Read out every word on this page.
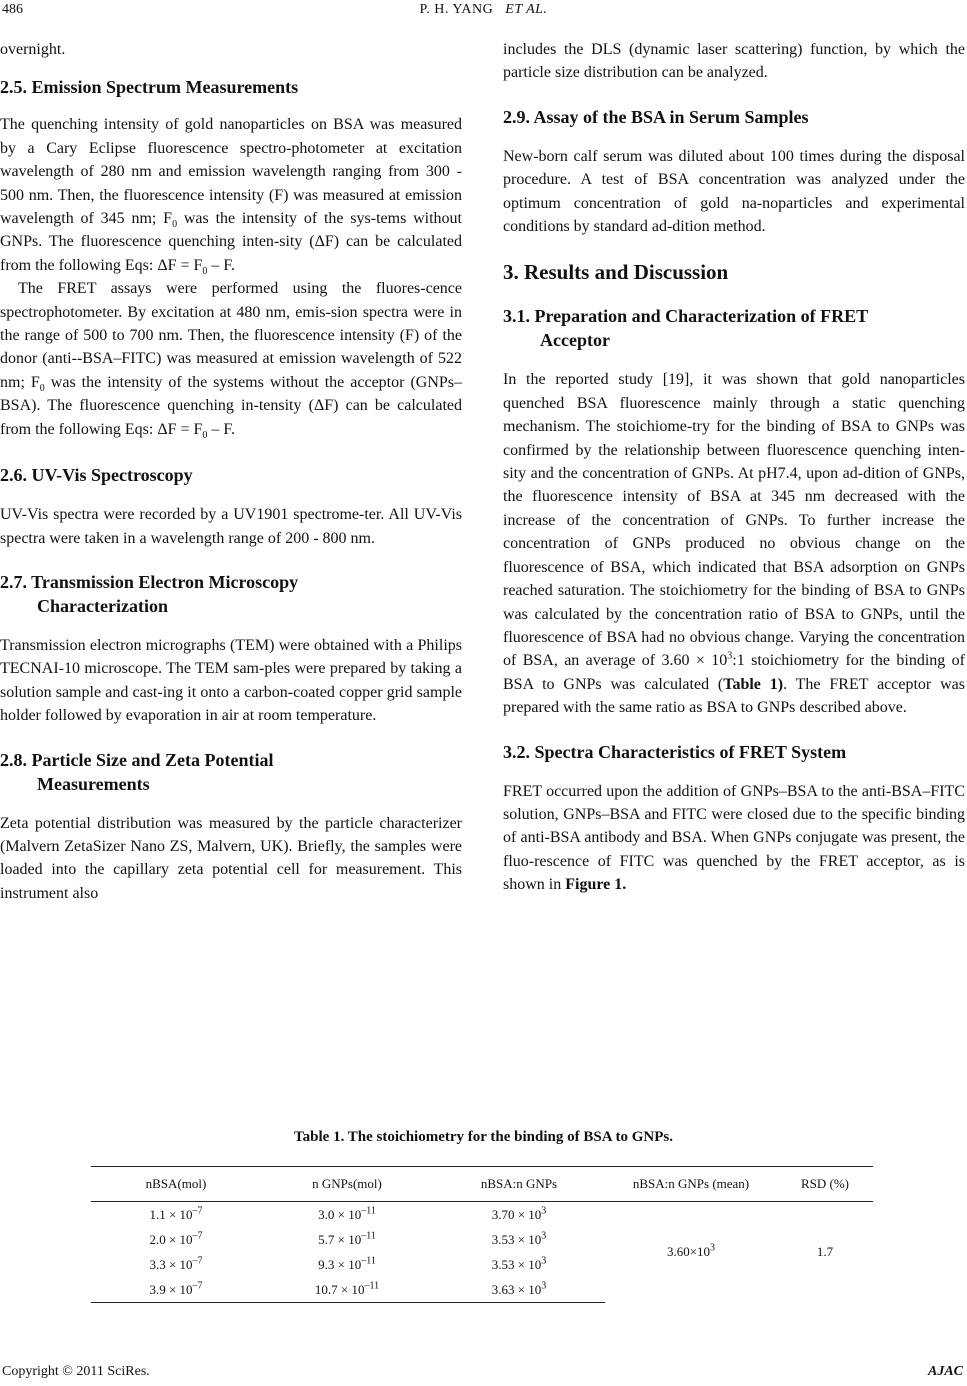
486	P. H. YANG ET AL.

overnight.

2.5. Emission Spectrum Measurements

The quenching intensity of gold nanoparticles on BSA was measured by a Cary Eclipse fluorescence spectro-photometer at excitation wavelength of 280 nm and emission wavelength ranging from 300 - 500 nm. Then, the fluorescence intensity (F) was measured at emission wavelength of 345 nm; $F_0$ was the intensity of the sys-tems without GNPs. The fluorescence quenching inten-sity (ΔF) can be calculated from the following Eqs: $\Delta F = F_0 - F$.

The FRET assays were performed using the fluores-cence spectrophotometer. By excitation at 480 nm, emis-sion spectra were in the range of 500 to 700 nm. Then, the fluorescence intensity (F) of the donor (anti--BSA–FITC) was measured at emission wavelength of 522 nm; $F_0$ was the intensity of the systems without the acceptor (GNPs–BSA). The fluorescence quenching in-tensity (ΔF) can be calculated from the following Eqs: $\Delta F = F_0 - F$.

2.6. UV-Vis Spectroscopy

UV-Vis spectra were recorded by a UV1901 spectrome-ter. All UV-Vis spectra were taken in a wavelength range of 200 - 800 nm.

2.7. Transmission Electron Microscopy
Characterization

Transmission electron micrographs (TEM) were obtained with a Philips TECNAI-10 microscope. The TEM sam-ples were prepared by taking a solution sample and cast-ing it onto a carbon-coated copper grid sample holder followed by evaporation in air at room temperature.

2.8. Particle Size and Zeta Potential
Measurements

Zeta potential distribution was measured by the particle characterizer (Malvern ZetaSizer Nano ZS, Malvern, UK). Briefly, the samples were loaded into the capillary zeta potential cell for measurement. This instrument also

includes the DLS (dynamic laser scattering) function, by which the particle size distribution can be analyzed.

2.9. Assay of the BSA in Serum Samples

New-born calf serum was diluted about 100 times during the disposal procedure. A test of BSA concentration was analyzed under the optimum concentration of gold na-noparticles and experimental conditions by standard ad-dition method.

3. Results and Discussion
3.1. Preparation and Characterization of FRET
Acceptor

In the reported study [19], it was shown that gold nanoparticles quenched BSA fluorescence mainly through a static quenching mechanism. The stoichiome-try for the binding of BSA to GNPs was confirmed by the relationship between fluorescence quenching inten-sity and the concentration of GNPs. At pH7.4, upon ad-dition of GNPs, the fluorescence intensity of BSA at 345 nm decreased with the increase of the concentration of GNPs. To further increase the concentration of GNPs produced no obvious change on the fluorescence of BSA, which indicated that BSA adsorption on GNPs reached saturation. The stoichiometry for the binding of BSA to GNPs was calculated by the concentration ratio of BSA to GNPs, until the fluorescence of BSA had no obvious change. Varying the concentration of BSA, an average of $3.60 \times 10^3:1$ stoichiometry for the binding of BSA to GNPs was calculated (Table 1). The FRET acceptor was prepared with the same ratio as BSA to GNPs described above.

3.2. Spectra Characteristics of FRET System

FRET occurred upon the addition of GNPs–BSA to the anti-BSA–FITC solution, GNPs–BSA and FITC were closed due to the specific binding of anti-BSA antibody and BSA. When GNPs conjugate was present, the fluo-rescence of FITC was quenched by the FRET acceptor, as is shown in Figure 1.

Table 1. The stoichiometry for the binding of BSA to GNPs.
nBSA(mol)	n GNPs(mol)	nBSA:n GNPs	nBSA:n GNPs (mean)	RSD (%)
$1.1 \times 10^{-7}$	$3.0 \times 10^{-11}$	$3.70 \times 10^3$	$3.60\times 10^3$	1.7
$2.0 \times 10^{-7}$	$5.7 \times 10^{-11}$	$3.53 \times 10^3$
$3.3 \times 10^{-7}$	$9.3 \times 10^{-11}$	$3.53 \times 10^3$
$3.9 \times 10^{-7}$	$10.7 \times 10^{-11}$	$3.63 \times 10^3$
Copyright © 2011 SciRes.	AJAC
